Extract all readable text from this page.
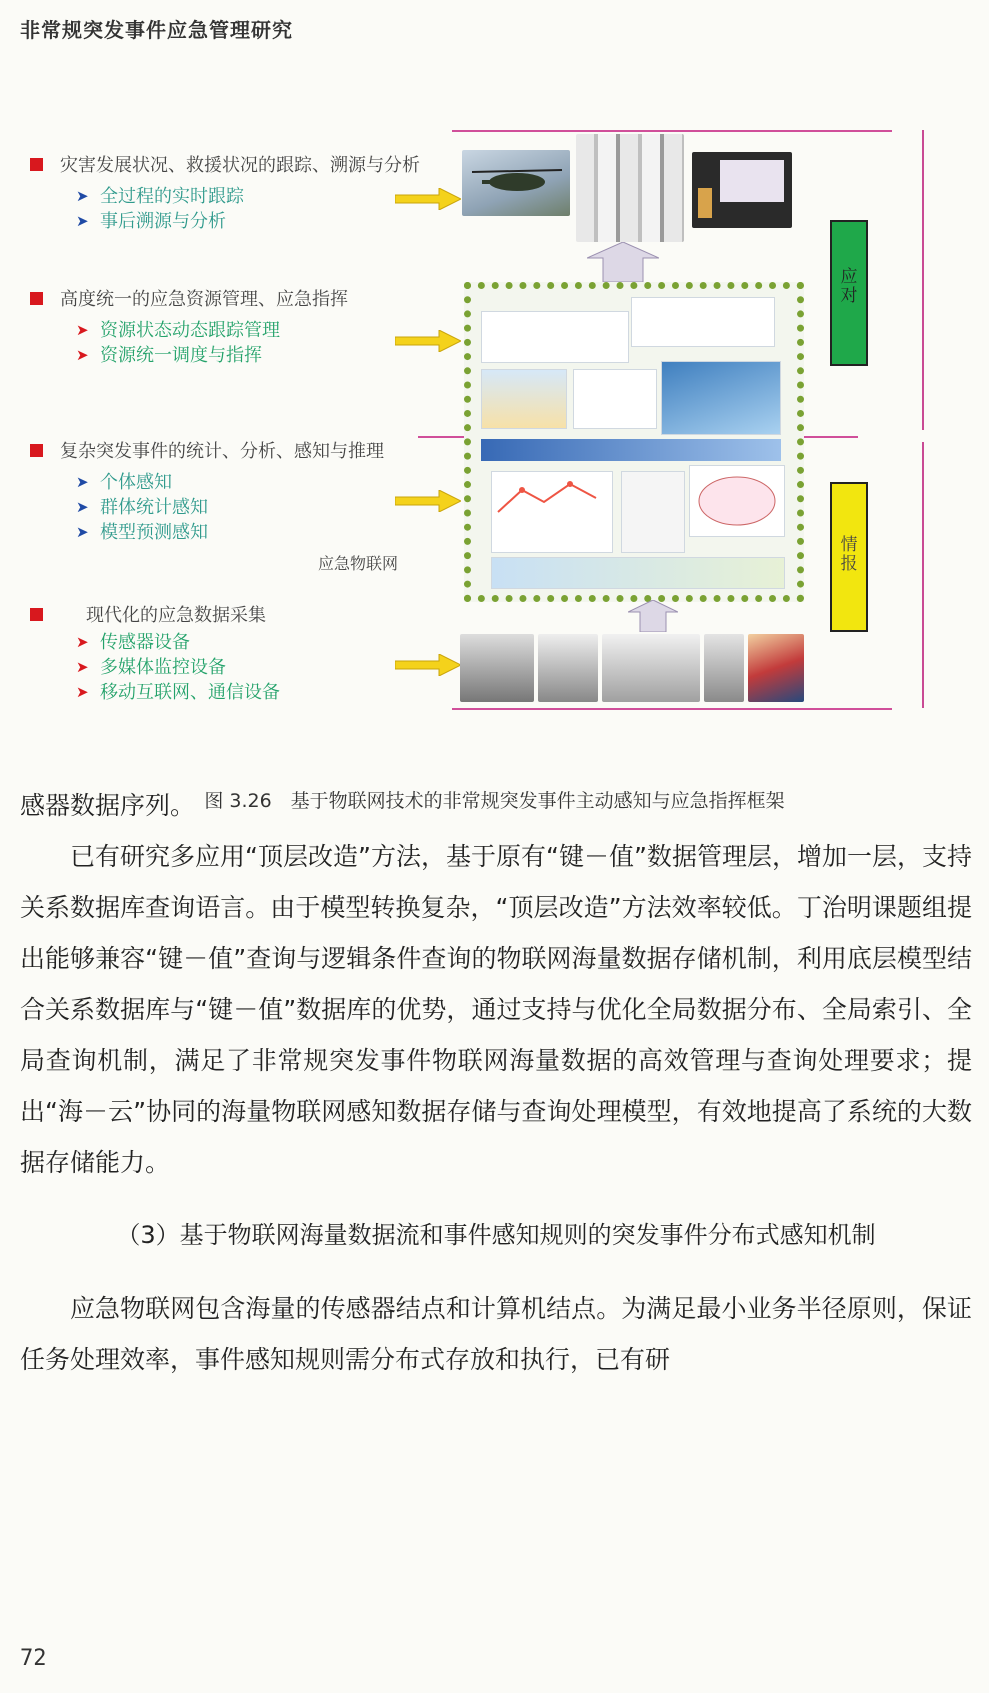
非常规突发事件应急管理研究
灾害发展状况、救援状况的跟踪、溯源与分析
➤ 全过程的实时跟踪
➤ 事后溯源与分析
高度统一的应急资源管理、应急指挥
➤ 资源状态动态跟踪管理
➤ 资源统一调度与指挥
复杂突发事件的统计、分析、感知与推理
➤ 个体感知
➤ 群体统计感知
➤ 模型预测感知
现代化的应急数据采集
➤ 传感器设备
➤ 多媒体监控设备
➤ 移动互联网、通信设备
应急物联网
应对
情报
图 3.26　基于物联网技术的非常规突发事件主动感知与应急指挥框架

感器数据序列。

已有研究多应用“顶层改造”方法，基于原有“键－值”数据管理层，增加一层，支持关系数据库查询语言。由于模型转换复杂，“顶层改造”方法效率较低。丁治明课题组提出能够兼容“键－值”查询与逻辑条件查询的物联网海量数据存储机制，利用底层模型结合关系数据库与“键－值”数据库的优势，通过支持与优化全局数据分布、全局索引、全局查询机制，满足了非常规突发事件物联网海量数据的高效管理与查询处理要求；提出“海－云”协同的海量物联网感知数据存储与查询处理模型，有效地提高了系统的大数据存储能力。

（3）基于物联网海量数据流和事件感知规则的突发事件分布式感知机制

应急物联网包含海量的传感器结点和计算机结点。为满足最小业务半径原则，保证任务处理效率，事件感知规则需分布式存放和执行，已有研

72
